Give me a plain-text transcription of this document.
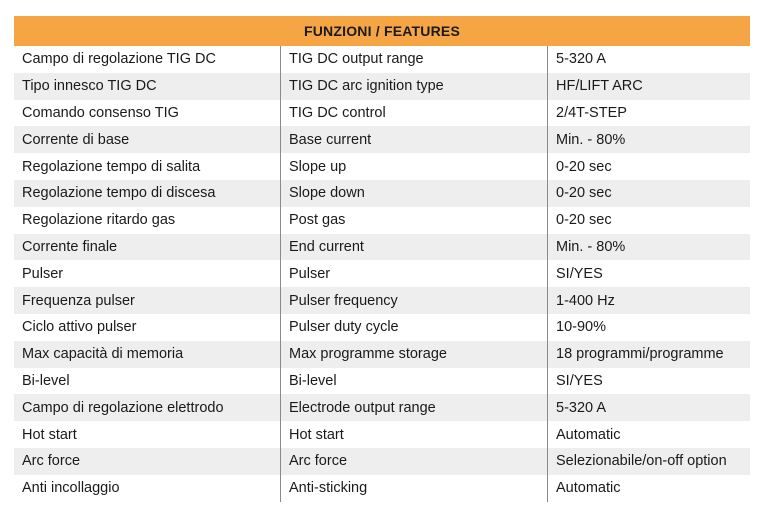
FUNZIONI / FEATURES
Campo di regolazione TIG DC	TIG DC output range	5-320 A
Tipo innesco TIG DC	TIG DC arc ignition type	HF/LIFT ARC
Comando consenso TIG	TIG DC control	2/4T-STEP
Corrente di base	Base current	Min. - 80%
Regolazione tempo di salita	Slope up	0-20 sec
Regolazione tempo di discesa	Slope down	0-20 sec
Regolazione ritardo gas	Post gas	0-20 sec
Corrente finale	End current	Min. - 80%
Pulser	Pulser	SI/YES
Frequenza pulser	Pulser frequency	1-400 Hz
Ciclo attivo pulser	Pulser duty cycle	10-90%
Max capacità di memoria	Max programme storage	18 programmi/programme
Bi-level	Bi-level	SI/YES
Campo di regolazione elettrodo	Electrode output range	5-320 A
Hot start	Hot start	Automatic
Arc force	Arc force	Selezionabile/on-off option
Anti incollaggio	Anti-sticking	Automatic
